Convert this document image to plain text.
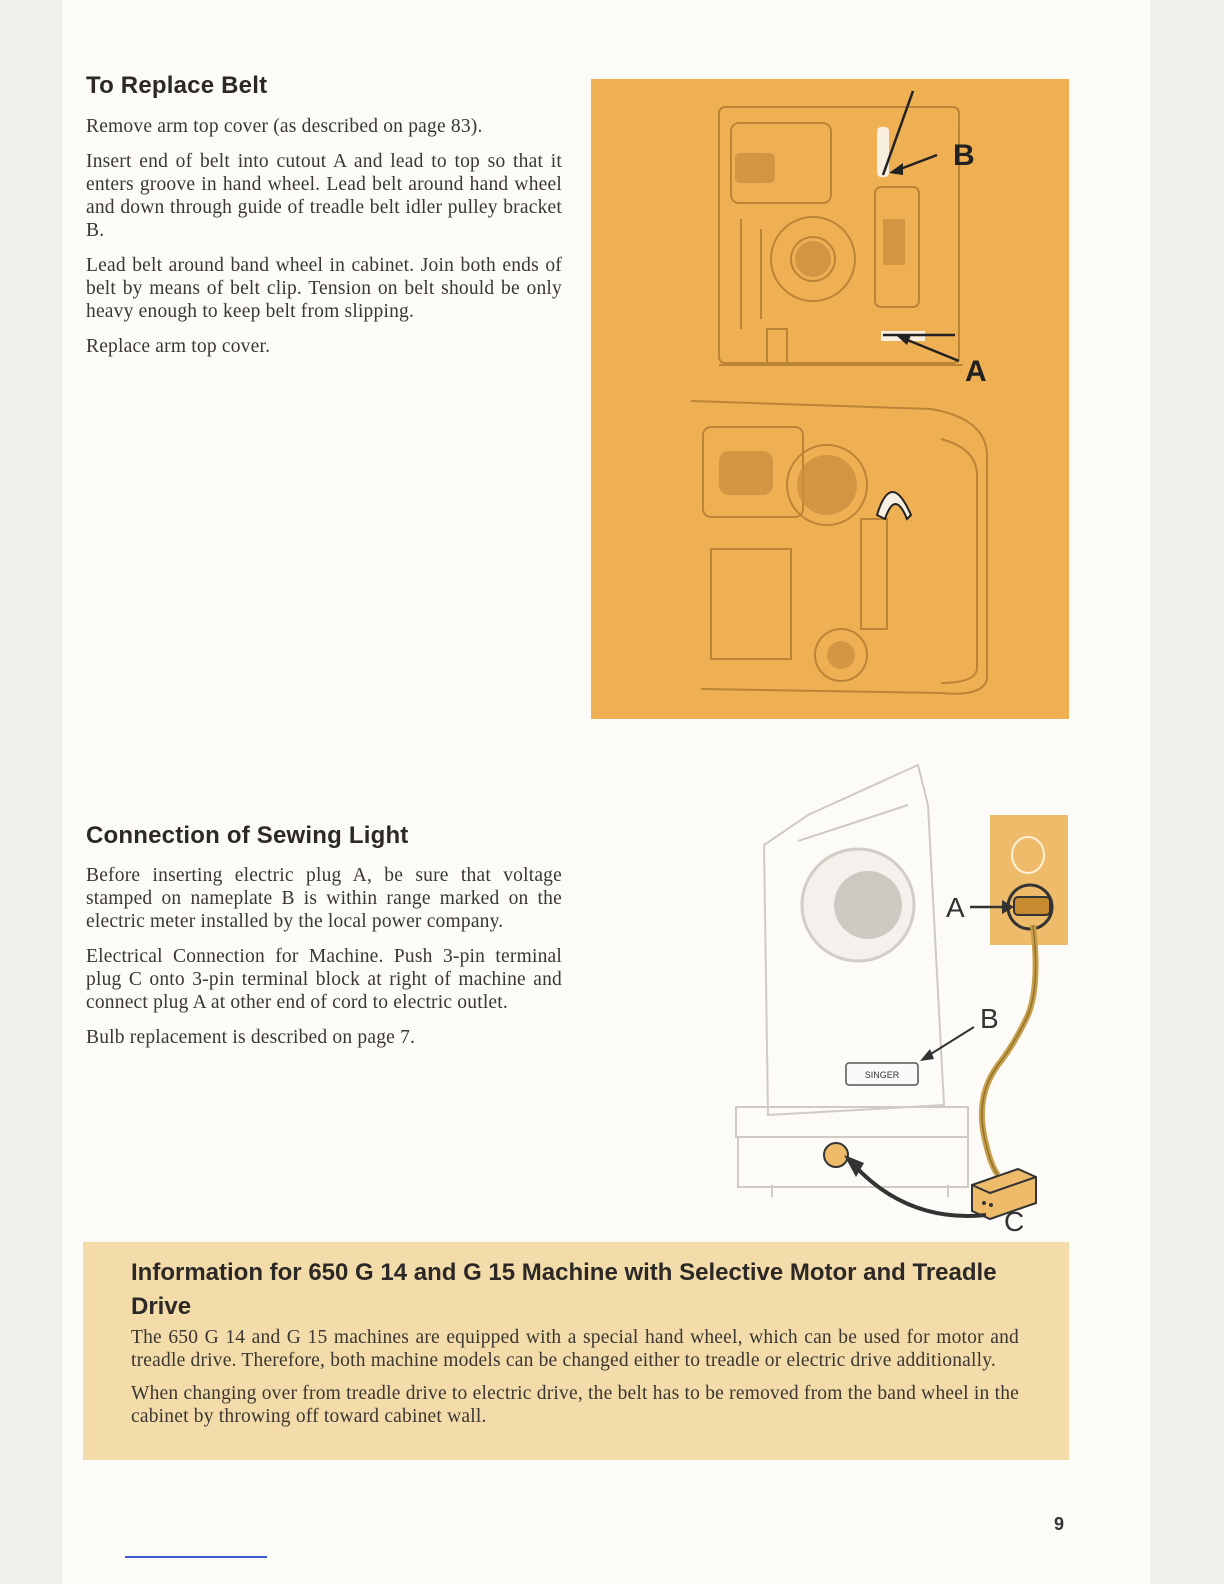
To Replace Belt

Remove arm top cover (as described on page 83).

Insert end of belt into cutout A and lead to top so that it enters groove in hand wheel. Lead belt around hand wheel and down through guide of treadle belt idler pulley bracket B.

Lead belt around band wheel in cabinet. Join both ends of belt by means of belt clip. Tension on belt should be only heavy enough to keep belt from slipping.

Replace arm top cover.

B
A
Connection of Sewing Light

Before inserting electric plug A, be sure that voltage stamped on nameplate B is within range marked on the electric meter installed by the local power company.

Electrical Connection for Machine. Push 3-pin terminal plug C onto 3-pin terminal block at right of machine and connect plug A at other end of cord to electric outlet.

Bulb replacement is described on page 7.

SINGER
A
B
C
Information for 650 G 14 and G 15 Machine with Selective Motor and Treadle Drive

The 650 G 14 and G 15 machines are equipped with a special hand wheel, which can be used for motor and treadle drive. Therefore, both machine models can be changed either to treadle or electric drive additionally.

When changing over from treadle drive to electric drive, the belt has to be removed from the band wheel in the cabinet by throwing off toward cabinet wall.

9
